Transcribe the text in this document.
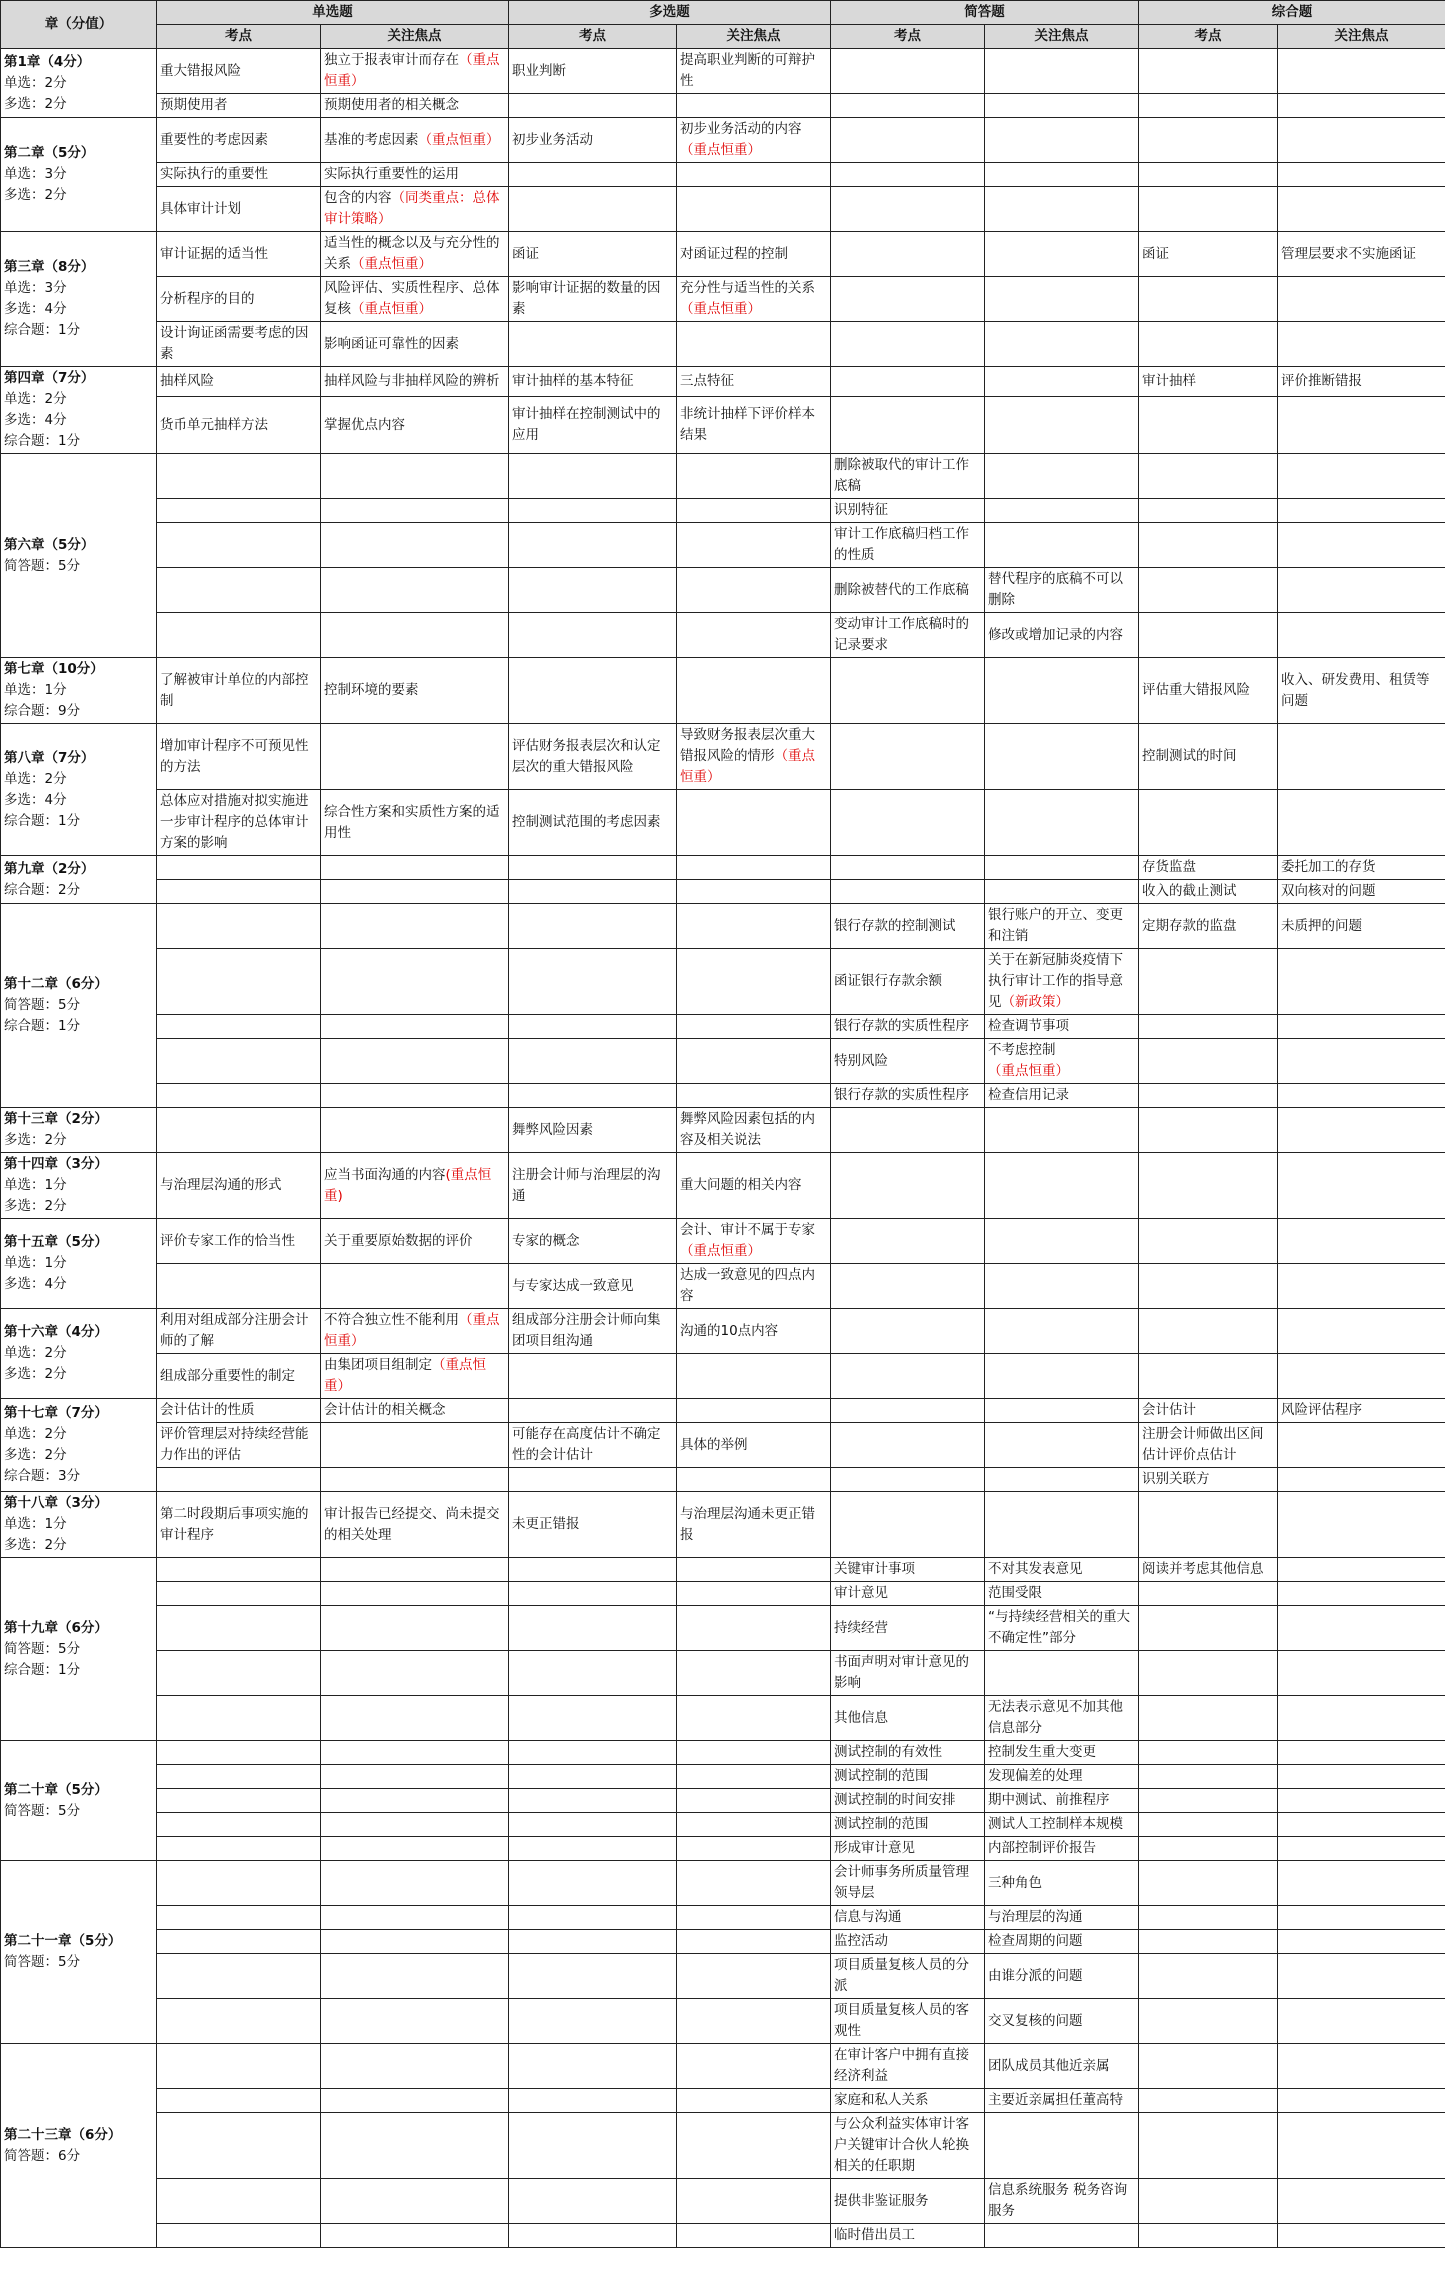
章（分值）	单选题		多选题		简答题		综合题	
	考点	关注焦点	考点	关注焦点	考点	关注焦点	考点	关注焦点

第1章（4分）
单选：2分
多选：2分	重大错报风险	独立于报表审计而存在（重点恒重）	职业判断	提高职业判断的可辩护性				
	预期使用者	预期使用者的相关概念						

第二章（5分）
单选：3分
多选：2分	重要性的考虑因素	基准的考虑因素（重点恒重）	初步业务活动	初步业务活动的内容（重点恒重）				
	实际执行的重要性	实际执行重要性的运用						
	具体审计计划	包含的内容（同类重点：总体审计策略）						

第三章（8分）
单选：3分
多选：4分
综合题：1分	审计证据的适当性	适当性的概念以及与充分性的关系（重点恒重）	函证	对函证过程的控制			函证	管理层要求不实施函证
	分析程序的目的	风险评估、实质性程序、总体复核（重点恒重）	影响审计证据的数量的因素	充分性与适当性的关系（重点恒重）				
	设计询证函需要考虑的因素	影响函证可靠性的因素						

第四章（7分）
单选：2分
多选：4分
综合题：1分	抽样风险	抽样风险与非抽样风险的辨析	审计抽样的基本特征	三点特征			审计抽样	评价推断错报
	货币单元抽样方法	掌握优点内容	审计抽样在控制测试中的应用	非统计抽样下评价样本结果				

第六章（5分）
简答题：5分					删除被取代的审计工作底稿			
					识别特征			
					审计工作底稿归档工作的性质			
					删除被替代的工作底稿	替代程序的底稿不可以删除		
					变动审计工作底稿时的记录要求	修改或增加记录的内容		

第七章（10分）
单选：1分
综合题：9分	了解被审计单位的内部控制	控制环境的要素					评估重大错报风险	收入、研发费用、租赁等问题

第八章（7分）
单选：2分
多选：4分
综合题：1分	增加审计程序不可预见性的方法		评估财务报表层次和认定层次的重大错报风险	导致财务报表层次重大错报风险的情形（重点恒重）			控制测试的时间	
	总体应对措施对拟实施进一步审计程序的总体审计方案的影响	综合性方案和实质性方案的适用性	控制测试范围的考虑因素					

第九章（2分）
综合题：2分							存货监盘	委托加工的存货
							收入的截止测试	双向核对的问题

第十二章（6分）
简答题：5分
综合题：1分					银行存款的控制测试	银行账户的开立、变更和注销	定期存款的监盘	未质押的问题
					函证银行存款余额	关于在新冠肺炎疫情下执行审计工作的指导意见（新政策）		
					银行存款的实质性程序	检查调节事项		
					特别风险	不考虑控制（重点恒重）		
					银行存款的实质性程序	检查信用记录		

第十三章（2分）
多选：2分			舞弊风险因素	舞弊风险因素包括的内容及相关说法				

第十四章（3分）
单选：1分
多选：2分	与治理层沟通的形式	应当书面沟通的内容(重点恒重)	注册会计师与治理层的沟通	重大问题的相关内容				

第十五章（5分）
单选：1分
多选：4分	评价专家工作的恰当性	关于重要原始数据的评价	专家的概念	会计、审计不属于专家（重点恒重）				
			与专家达成一致意见	达成一致意见的四点内容				

第十六章（4分）
单选：2分
多选：2分	利用对组成部分注册会计师的了解	不符合独立性不能利用（重点恒重）	组成部分注册会计师向集团项目组沟通	沟通的10点内容				
	组成部分重要性的制定	由集团项目组制定（重点恒重）						

第十七章（7分）
单选：2分
多选：2分
综合题：3分	会计估计的性质	会计估计的相关概念					会计估计	风险评估程序
	评价管理层对持续经营能力作出的评估		可能存在高度估计不确定性的会计估计	具体的举例			注册会计师做出区间估计评价点估计	
							识别关联方	

第十八章（3分）
单选：1分
多选：2分	第二时段期后事项实施的审计程序	审计报告已经提交、尚未提交的相关处理	未更正错报	与治理层沟通未更正错报				

第十九章（6分）
简答题：5分
综合题：1分					关键审计事项	不对其发表意见	阅读并考虑其他信息	
					审计意见	范围受限		
					持续经营	“与持续经营相关的重大不确定性”部分		
					书面声明对审计意见的影响			
					其他信息	无法表示意见不加其他信息部分		

第二十章（5分）
简答题：5分					测试控制的有效性	控制发生重大变更		
					测试控制的范围	发现偏差的处理		
					测试控制的时间安排	期中测试、前推程序		
					测试控制的范围	测试人工控制样本规模		
					形成审计意见	内部控制评价报告		

第二十一章（5分）
简答题：5分					会计师事务所质量管理领导层	三种角色		
					信息与沟通	与治理层的沟通		
					监控活动	检查周期的问题		
					项目质量复核人员的分派	由谁分派的问题		
					项目质量复核人员的客观性	交叉复核的问题		

第二十三章（6分）
简答题：6分					在审计客户中拥有直接经济利益	团队成员其他近亲属		
					家庭和私人关系	主要近亲属担任董高特		
					与公众利益实体审计客户关键审计合伙人轮换相关的任职期			
					提供非鉴证服务	信息系统服务 税务咨询服务		
					临时借出员工			
